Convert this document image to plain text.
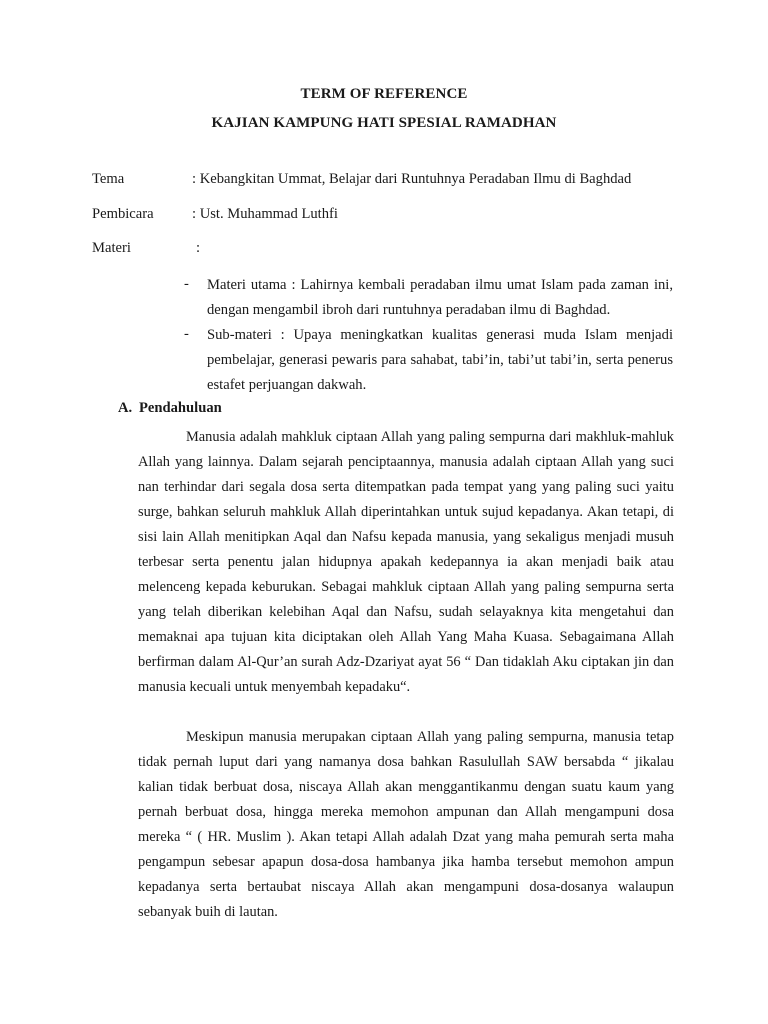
TERM OF REFERENCE
KAJIAN KAMPUNG HATI SPESIAL RAMADHAN
Tema	: Kebangkitan Ummat, Belajar dari Runtuhnya Peradaban Ilmu di Baghdad
Pembicara	: Ust. Muhammad Luthfi
Materi	:
- Materi utama : Lahirnya kembali peradaban ilmu umat Islam pada zaman ini, dengan mengambil ibroh dari runtuhnya peradaban ilmu di Baghdad.
- Sub-materi : Upaya meningkatkan kualitas generasi muda Islam menjadi pembelajar, generasi pewaris para sahabat, tabi’in, tabi’ut tabi’in, serta penerus estafet perjuangan dakwah.
A. Pendahuluan
Manusia adalah mahkluk ciptaan Allah yang paling sempurna dari makhluk-mahluk Allah yang lainnya. Dalam sejarah penciptaannya, manusia adalah ciptaan Allah yang suci nan terhindar dari segala dosa serta ditempatkan pada tempat yang yang paling suci yaitu surge, bahkan seluruh mahkluk Allah diperintahkan untuk sujud kepadanya. Akan tetapi, di sisi lain Allah menitipkan Aqal dan Nafsu kepada manusia, yang sekaligus menjadi musuh terbesar serta penentu jalan hidupnya apakah kedepannya ia akan menjadi baik atau melenceng kepada keburukan. Sebagai mahkluk ciptaan Allah yang paling sempurna serta yang telah diberikan kelebihan Aqal dan Nafsu, sudah selayaknya kita mengetahui dan memaknai apa tujuan kita diciptakan oleh Allah Yang Maha Kuasa. Sebagaimana Allah berfirman dalam Al-Qur’an surah Adz-Dzariyat ayat 56 “ Dan tidaklah Aku ciptakan jin dan manusia kecuali untuk menyembah kepadaku“.
Meskipun manusia merupakan ciptaan Allah yang paling sempurna, manusia tetap tidak pernah luput dari yang namanya dosa bahkan Rasulullah SAW bersabda “ jikalau kalian tidak berbuat dosa, niscaya Allah akan menggantikanmu dengan suatu kaum yang pernah berbuat dosa, hingga mereka memohon ampunan dan Allah mengampuni dosa mereka “ ( HR. Muslim ). Akan tetapi Allah adalah Dzat yang maha pemurah serta maha pengampun sebesar apapun dosa-dosa hambanya jika hamba tersebut memohon ampun kepadanya serta bertaubat niscaya Allah akan mengampuni dosa-dosanya walaupun sebanyak buih di lautan.
